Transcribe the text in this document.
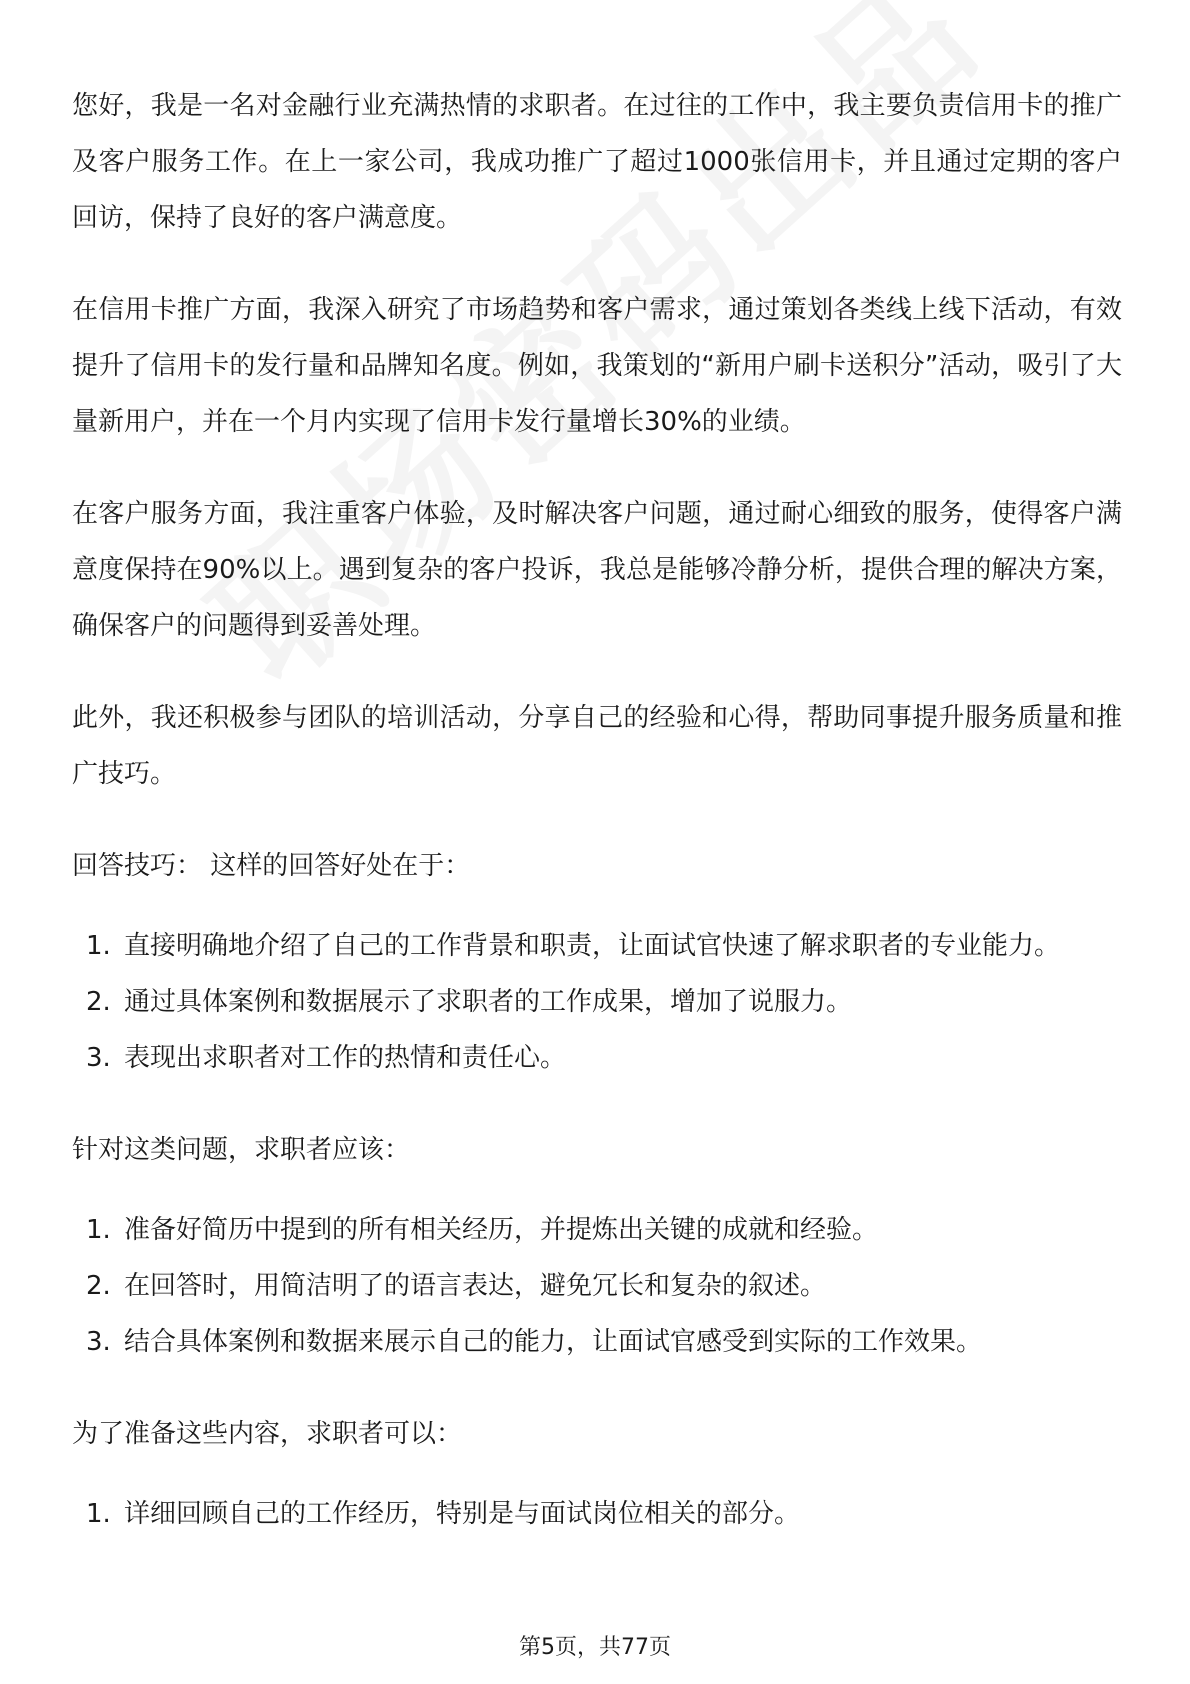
您好，我是一名对金融行业充满热情的求职者。在过往的工作中，我主要负责信用卡的推广及客户服务工作。在上一家公司，我成功推广了超过1000张信用卡，并且通过定期的客户回访，保持了良好的客户满意度。

在信用卡推广方面，我深入研究了市场趋势和客户需求，通过策划各类线上线下活动，有效提升了信用卡的发行量和品牌知名度。例如，我策划的“新用户刷卡送积分”活动，吸引了大量新用户，并在一个月内实现了信用卡发行量增长30%的业绩。

在客户服务方面，我注重客户体验，及时解决客户问题，通过耐心细致的服务，使得客户满意度保持在90%以上。遇到复杂的客户投诉，我总是能够冷静分析，提供合理的解决方案，确保客户的问题得到妥善处理。

此外，我还积极参与团队的培训活动，分享自己的经验和心得，帮助同事提升服务质量和推广技巧。

回答技巧： 这样的回答好处在于：

1. 直接明确地介绍了自己的工作背景和职责，让面试官快速了解求职者的专业能力。
2. 通过具体案例和数据展示了求职者的工作成果，增加了说服力。
3. 表现出求职者对工作的热情和责任心。

针对这类问题，求职者应该：

1. 准备好简历中提到的所有相关经历，并提炼出关键的成就和经验。
2. 在回答时，用简洁明了的语言表达，避免冗长和复杂的叙述。
3. 结合具体案例和数据来展示自己的能力，让面试官感受到实际的工作效果。

为了准备这些内容，求职者可以：

1. 详细回顾自己的工作经历，特别是与面试岗位相关的部分。
第5页，共77页
